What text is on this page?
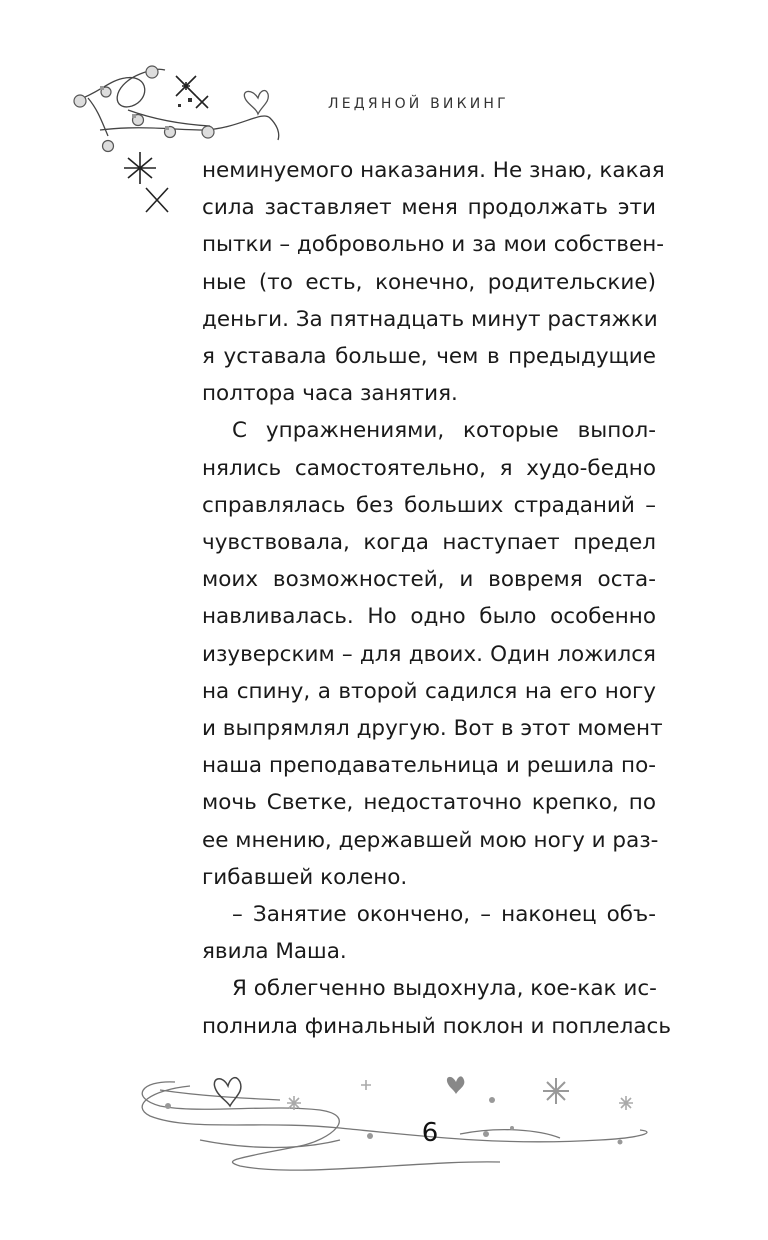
ЛЕДЯНОЙ ВИКИНГ

неминуемого наказания. Не знаю, какая
сила заставляет меня продолжать эти
пытки – добровольно и за мои собствен-
ные (то есть, конечно, родительские)
деньги. За пятнадцать минут растяжки
я уставала больше, чем в предыдущие
полтора часа занятия.

С упражнениями, которые выпол-
нялись самостоятельно, я худо-бедно
справлялась без больших страданий –
чувствовала, когда наступает предел
моих возможностей, и вовремя оста-
навливалась. Но одно было особенно
изуверским – для двоих. Один ложился
на спину, а второй садился на его ногу
и выпрямлял другую. Вот в этот момент
наша преподавательница и решила по-
мочь Светке, недостаточно крепко, по
ее мнению, державшей мою ногу и раз-
гибавшей колено.

– Занятие окончено, – наконец объ-
явила Маша.

Я облегченно выдохнула, кое-как ис-
полнила финальный поклон и поплелась

6
